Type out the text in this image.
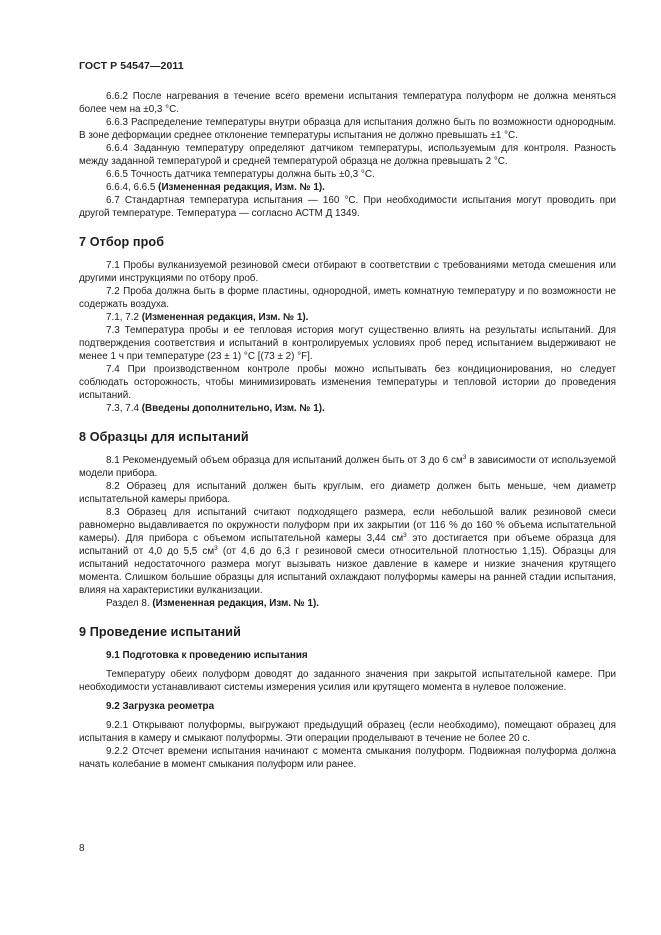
ГОСТ Р 54547—2011

6.6.2 После нагревания в течение всего времени испытания температура полуформ не должна меняться более чем на ±0,3 °С.

6.6.3 Распределение температуры внутри образца для испытания должно быть по возможности однородным. В зоне деформации среднее отклонение температуры испытания не должно превышать ±1 °С.

6.6.4 Заданную температуру определяют датчиком температуры, используемым для контроля. Разность между заданной температурой и средней температурой образца не должна превышать 2 °С.

6.6.5 Точность датчика температуры должна быть ±0,3 °С.

6.6.4, 6.6.5 (Измененная редакция, Изм. № 1).

6.7 Стандартная температура испытания — 160 °С. При необходимости испытания могут проводить при другой температуре. Температура — согласно АСТМ Д 1349.

7 Отбор проб

7.1 Пробы вулканизуемой резиновой смеси отбирают в соответствии с требованиями метода смешения или другими инструкциями по отбору проб.

7.2 Проба должна быть в форме пластины, однородной, иметь комнатную температуру и по возможности не содержать воздуха.

7.1, 7.2 (Измененная редакция, Изм. № 1).

7.3 Температура пробы и ее тепловая история могут существенно влиять на результаты испытаний. Для подтверждения соответствия и испытаний в контролируемых условиях проб перед испытанием выдерживают не менее 1 ч при температуре (23 ± 1) °С [(73 ± 2) °F].

7.4 При производственном контроле пробы можно испытывать без кондиционирования, но следует соблюдать осторожность, чтобы минимизировать изменения температуры и тепловой истории до проведения испытаний.

7.3, 7.4 (Введены дополнительно, Изм. № 1).

8 Образцы для испытаний

8.1 Рекомендуемый объем образца для испытаний должен быть от 3 до 6 $см^3$ в зависимости от используемой модели прибора.

8.2 Образец для испытаний должен быть круглым, его диаметр должен быть меньше, чем диаметр испытательной камеры прибора.

8.3 Образец для испытаний считают подходящего размера, если небольшой валик резиновой смеси равномерно выдавливается по окружности полуформ при их закрытии (от 116 % до 160 % объема испытательной камеры). Для прибора с объемом испытательной камеры 3,44 $см^3$ это достигается при объеме образца для испытаний от 4,0 до 5,5 $см^3$ (от 4,6 до 6,3 г резиновой смеси относительной плотностью 1,15). Образцы для испытаний недостаточного размера могут вызывать низкое давление в камере и низкие значения крутящего момента. Слишком большие образцы для испытаний охлаждают полуформы камеры на ранней стадии испытания, влияя на характеристики вулканизации.

Раздел 8. (Измененная редакция, Изм. № 1).

9 Проведение испытаний
9.1 Подготовка к проведению испытания

Температуру обеих полуформ доводят до заданного значения при закрытой испытательной камере. При необходимости устанавливают системы измерения усилия или крутящего момента в нулевое положение.

9.2 Загрузка реометра

9.2.1 Открывают полуформы, выгружают предыдущий образец (если необходимо), помещают образец для испытания в камеру и смыкают полуформы. Эти операции проделывают в течение не более 20 с.

9.2.2 Отсчет времени испытания начинают с момента смыкания полуформ. Подвижная полуформа должна начать колебание в момент смыкания полуформ или ранее.

8
